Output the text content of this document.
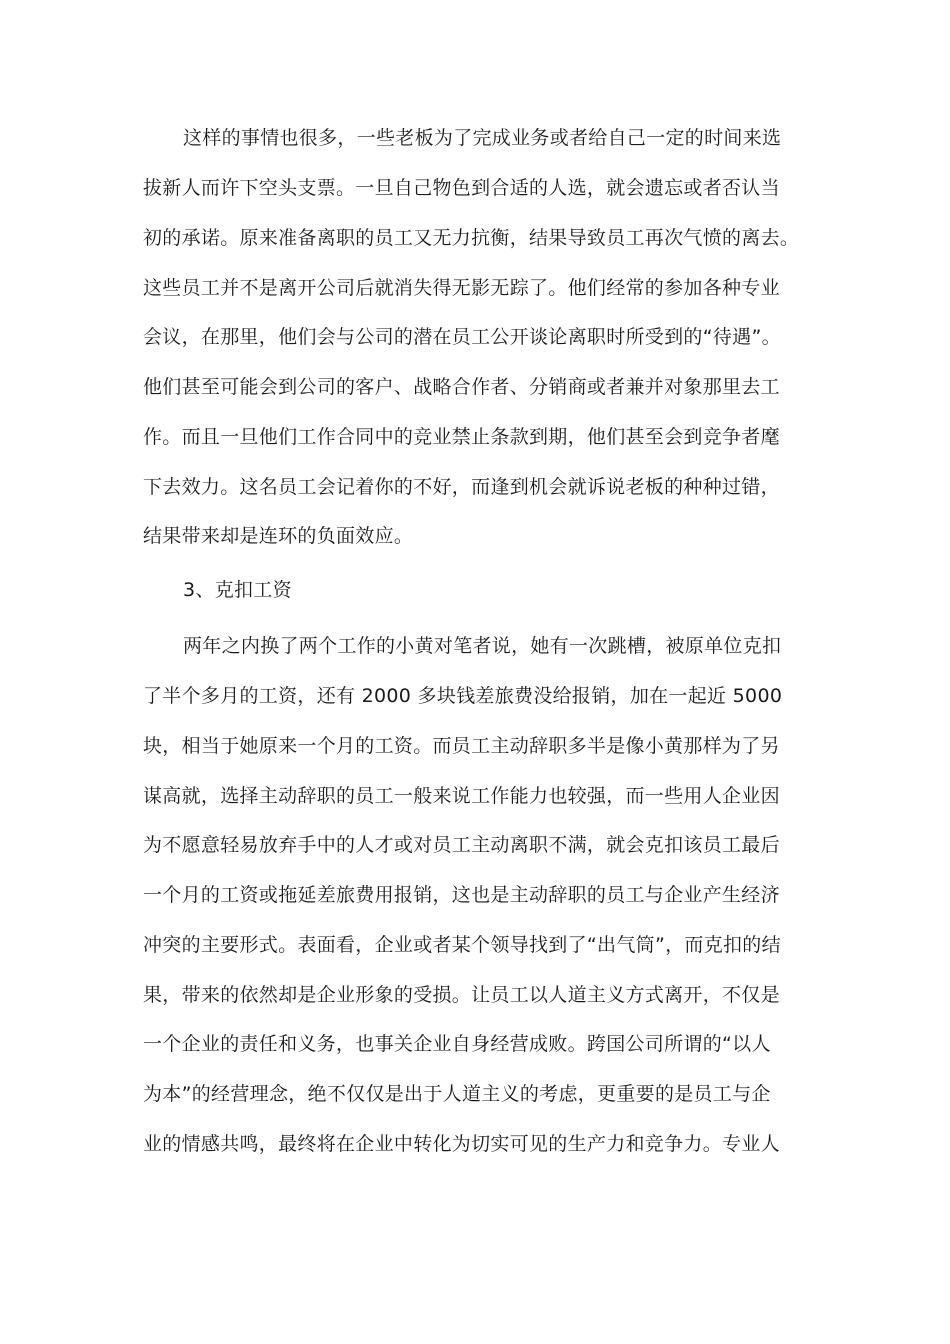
这样的事情也很多，一些老板为了完成业务或者给自己一定的时间来选
拔新人而许下空头支票。一旦自己物色到合适的人选，就会遗忘或者否认当
初的承诺。原来准备离职的员工又无力抗衡，结果导致员工再次气愤的离去。
这些员工并不是离开公司后就消失得无影无踪了。他们经常的参加各种专业
会议，在那里，他们会与公司的潜在员工公开谈论离职时所受到的“待遇”。
他们甚至可能会到公司的客户、战略合作者、分销商或者兼并对象那里去工
作。而且一旦他们工作合同中的竞业禁止条款到期，他们甚至会到竞争者麾
下去效力。这名员工会记着你的不好，而逢到机会就诉说老板的种种过错，
结果带来却是连环的负面效应。
3、克扣工资
两年之内换了两个工作的小黄对笔者说，她有一次跳槽，被原单位克扣
了半个多月的工资，还有 2000 多块钱差旅费没给报销，加在一起近 5000
块，相当于她原来一个月的工资。而员工主动辞职多半是像小黄那样为了另
谋高就，选择主动辞职的员工一般来说工作能力也较强，而一些用人企业因
为不愿意轻易放弃手中的人才或对员工主动离职不满，就会克扣该员工最后
一个月的工资或拖延差旅费用报销，这也是主动辞职的员工与企业产生经济
冲突的主要形式。表面看，企业或者某个领导找到了“出气筒”，而克扣的结
果，带来的依然却是企业形象的受损。让员工以人道主义方式离开，不仅是
一个企业的责任和义务，也事关企业自身经营成败。跨国公司所谓的“以人
为本”的经营理念，绝不仅仅是出于人道主义的考虑，更重要的是员工与企
业的情感共鸣，最终将在企业中转化为切实可见的生产力和竞争力。专业人
